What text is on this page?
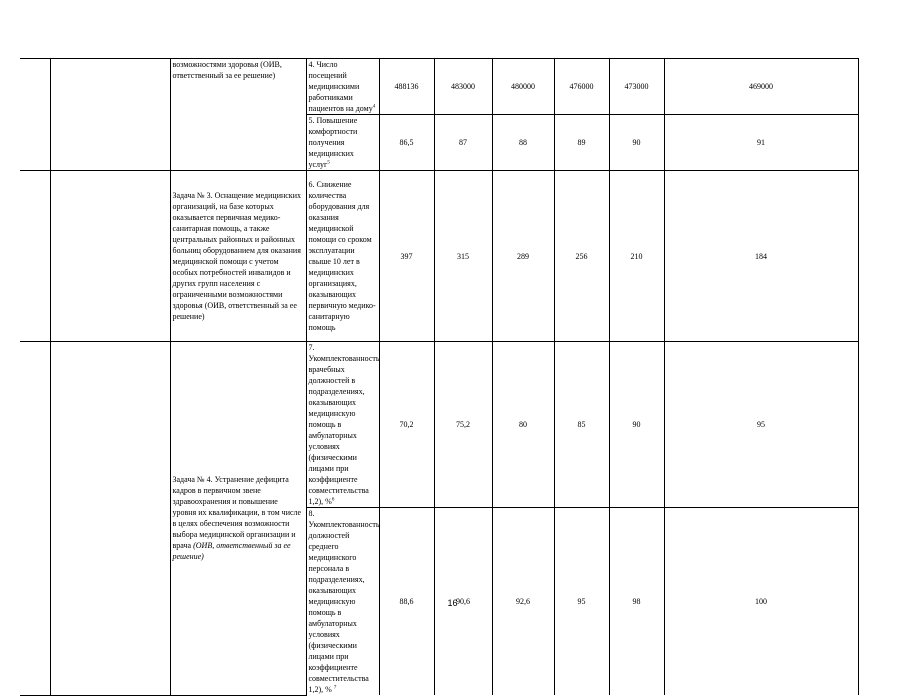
		возможностями здоровья (ОИВ, ответственный за ее решение)	4. Число посещений медицинскими работниками пациентов на дому$^4$	488136	483000	480000	476000	473000	469000
			5. Повышение комфортности получения медицинских услуг$^5$	86,5	87	88	89	90	91
		Задача № 3. Оснащение медицинских организаций, на базе которых оказывается первичная медико-санитарная помощь, а также центральных районных и районных больниц оборудованием для оказания медицинской помощи с учетом особых потребностей инвалидов и других групп населения с ограниченными возможностями здоровья (ОИВ, ответственный за ее решение)	6. Снижение количества оборудования для оказания медицинской помощи со сроком эксплуатации свыше 10 лет в медицинских организациях, оказывающих первичную медико-санитарную помощь	397	315	289	256	210	184
		Задача № 4. Устранение дефицита кадров в первичном звене здравоохранения и повышение уровня их квалификации, в том числе в целях обеспечения возможности выбора медицинской организации и врача (ОИВ, ответственный за ее решение)	7. Укомплектованность врачебных должностей в подразделениях, оказывающих медицинскую помощь в амбулаторных условиях (физическими лицами при коэффициенте совместительства 1,2), %$^6$	70,2	75,2	80	85	90	95
			8. Укомплектованность должностей среднего медицинского персонала в подразделениях, оказывающих медицинскую помощь в амбулаторных условиях (физическими лицами при коэффициенте совместительства 1,2), % $^7$	88,6	90,6	92,6	95	98	100
16
